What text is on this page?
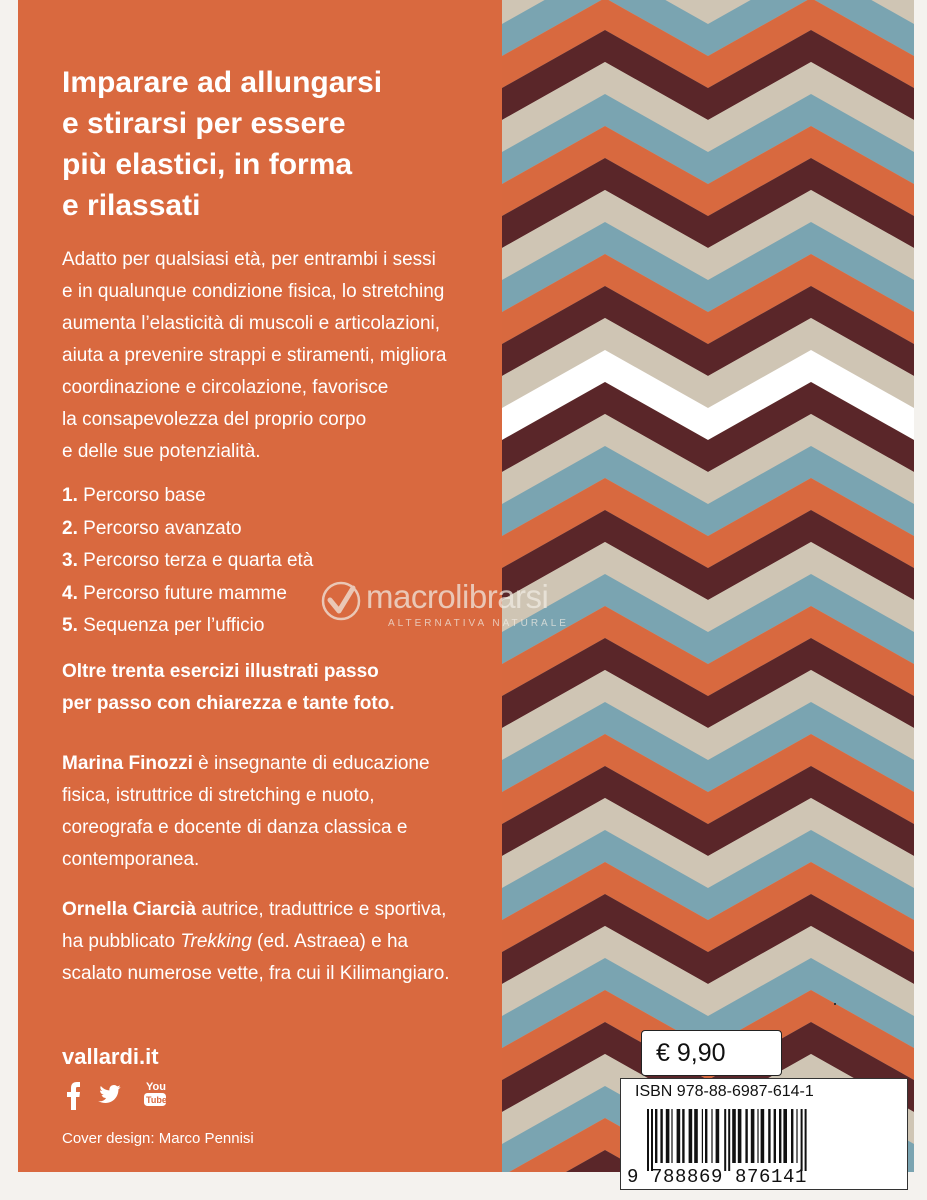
Imparare ad allungarsi
e stirarsi per essere
più elastici, in forma
e rilassati
Adatto per qualsiasi età, per entrambi i sessi
e in qualunque condizione fisica, lo stretching
aumenta l’elasticità di muscoli e articolazioni,
aiuta a prevenire strappi e stiramenti, migliora
coordinazione e circolazione, favorisce
la consapevolezza del proprio corpo
e delle sue potenzialità.
1. Percorso base
2. Percorso avanzato
3. Percorso terza e quarta età
4. Percorso future mamme
5. Sequenza per l’ufficio
Oltre trenta esercizi illustrati passo
per passo con chiarezza e tante foto.
Marina Finozzi è insegnante di educazione
fisica, istruttrice di stretching e nuoto,
coreografa e docente di danza classica e
contemporanea.
Ornella Ciarcià autrice, traduttrice e sportiva,
ha pubblicato Trekking (ed. Astraea) e ha
scalato numerose vette, fra cui il Kilimangiaro.
vallardi.it
You
Tube
Cover design: Marco Pennisi
macrolibrarsi
ALTERNATIVA NATURALE
€ 9,90
ISBN 978-88-6987-614-1
9 788869 876141
